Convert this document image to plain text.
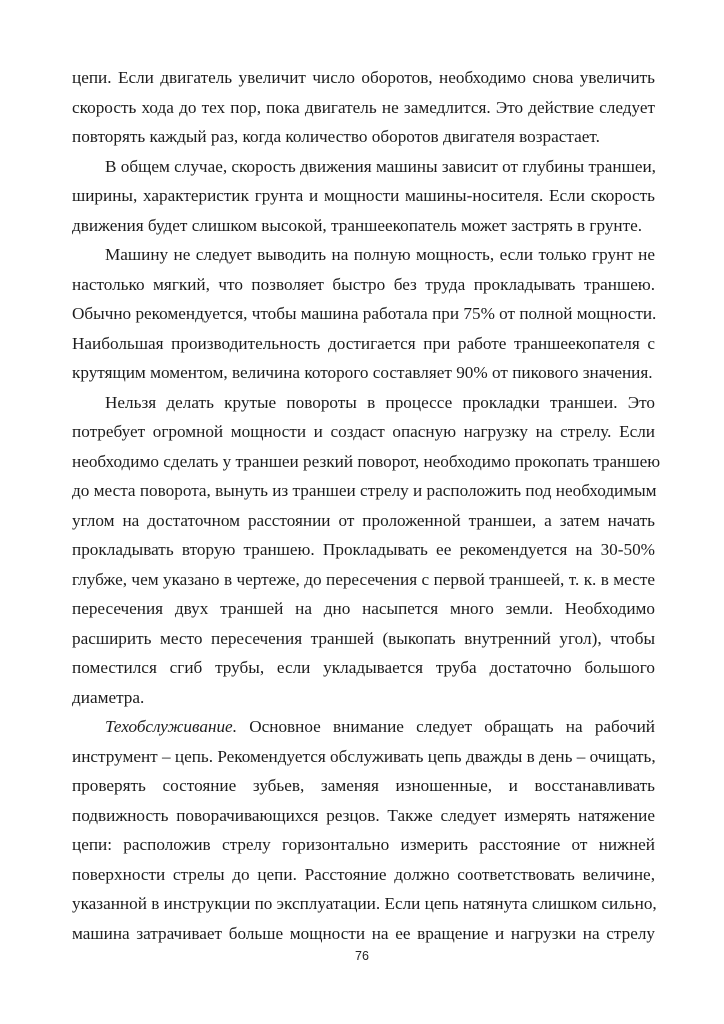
цепи. Если двигатель увеличит число оборотов, необходимо снова увеличить
скорость хода до тех пор, пока двигатель не замедлится. Это действие следует
повторять каждый раз, когда количество оборотов двигателя возрастает.
В общем случае, скорость движения машины зависит от глубины траншеи,
ширины, характеристик грунта и мощности машины-носителя. Если скорость
движения будет слишком высокой, траншеекопатель может застрять в грунте.
Машину не следует выводить на полную мощность, если только грунт не
настолько мягкий, что позволяет быстро без труда прокладывать траншею.
Обычно рекомендуется, чтобы машина работала при 75% от полной мощности.
Наибольшая производительность достигается при работе траншеекопателя с
крутящим моментом, величина которого составляет 90% от пикового значения.
Нельзя делать крутые повороты в процессе прокладки траншеи. Это
потребует огромной мощности и создаст опасную нагрузку на стрелу. Если
необходимо сделать у траншеи резкий поворот, необходимо прокопать траншею
до места поворота, вынуть из траншеи стрелу и расположить под необходимым
углом на достаточном расстоянии от проложенной траншеи, а затем начать
прокладывать вторую траншею. Прокладывать ее рекомендуется на 30-50%
глубже, чем указано в чертеже, до пересечения с первой траншеей, т. к. в месте
пересечения двух траншей на дно насыпется много земли. Необходимо
расширить место пересечения траншей (выкопать внутренний угол), чтобы
поместился сгиб трубы, если укладывается труба достаточно большого
диаметра.
Техобслуживание. Основное внимание следует обращать на рабочий
инструмент – цепь. Рекомендуется обслуживать цепь дважды в день – очищать,
проверять состояние зубьев, заменяя изношенные, и восстанавливать
подвижность поворачивающихся резцов. Также следует измерять натяжение
цепи: расположив стрелу горизонтально измерить расстояние от нижней
поверхности стрелы до цепи. Расстояние должно соответствовать величине,
указанной в инструкции по эксплуатации. Если цепь натянута слишком сильно,
машина затрачивает больше мощности на ее вращение и нагрузки на стрелу
76
